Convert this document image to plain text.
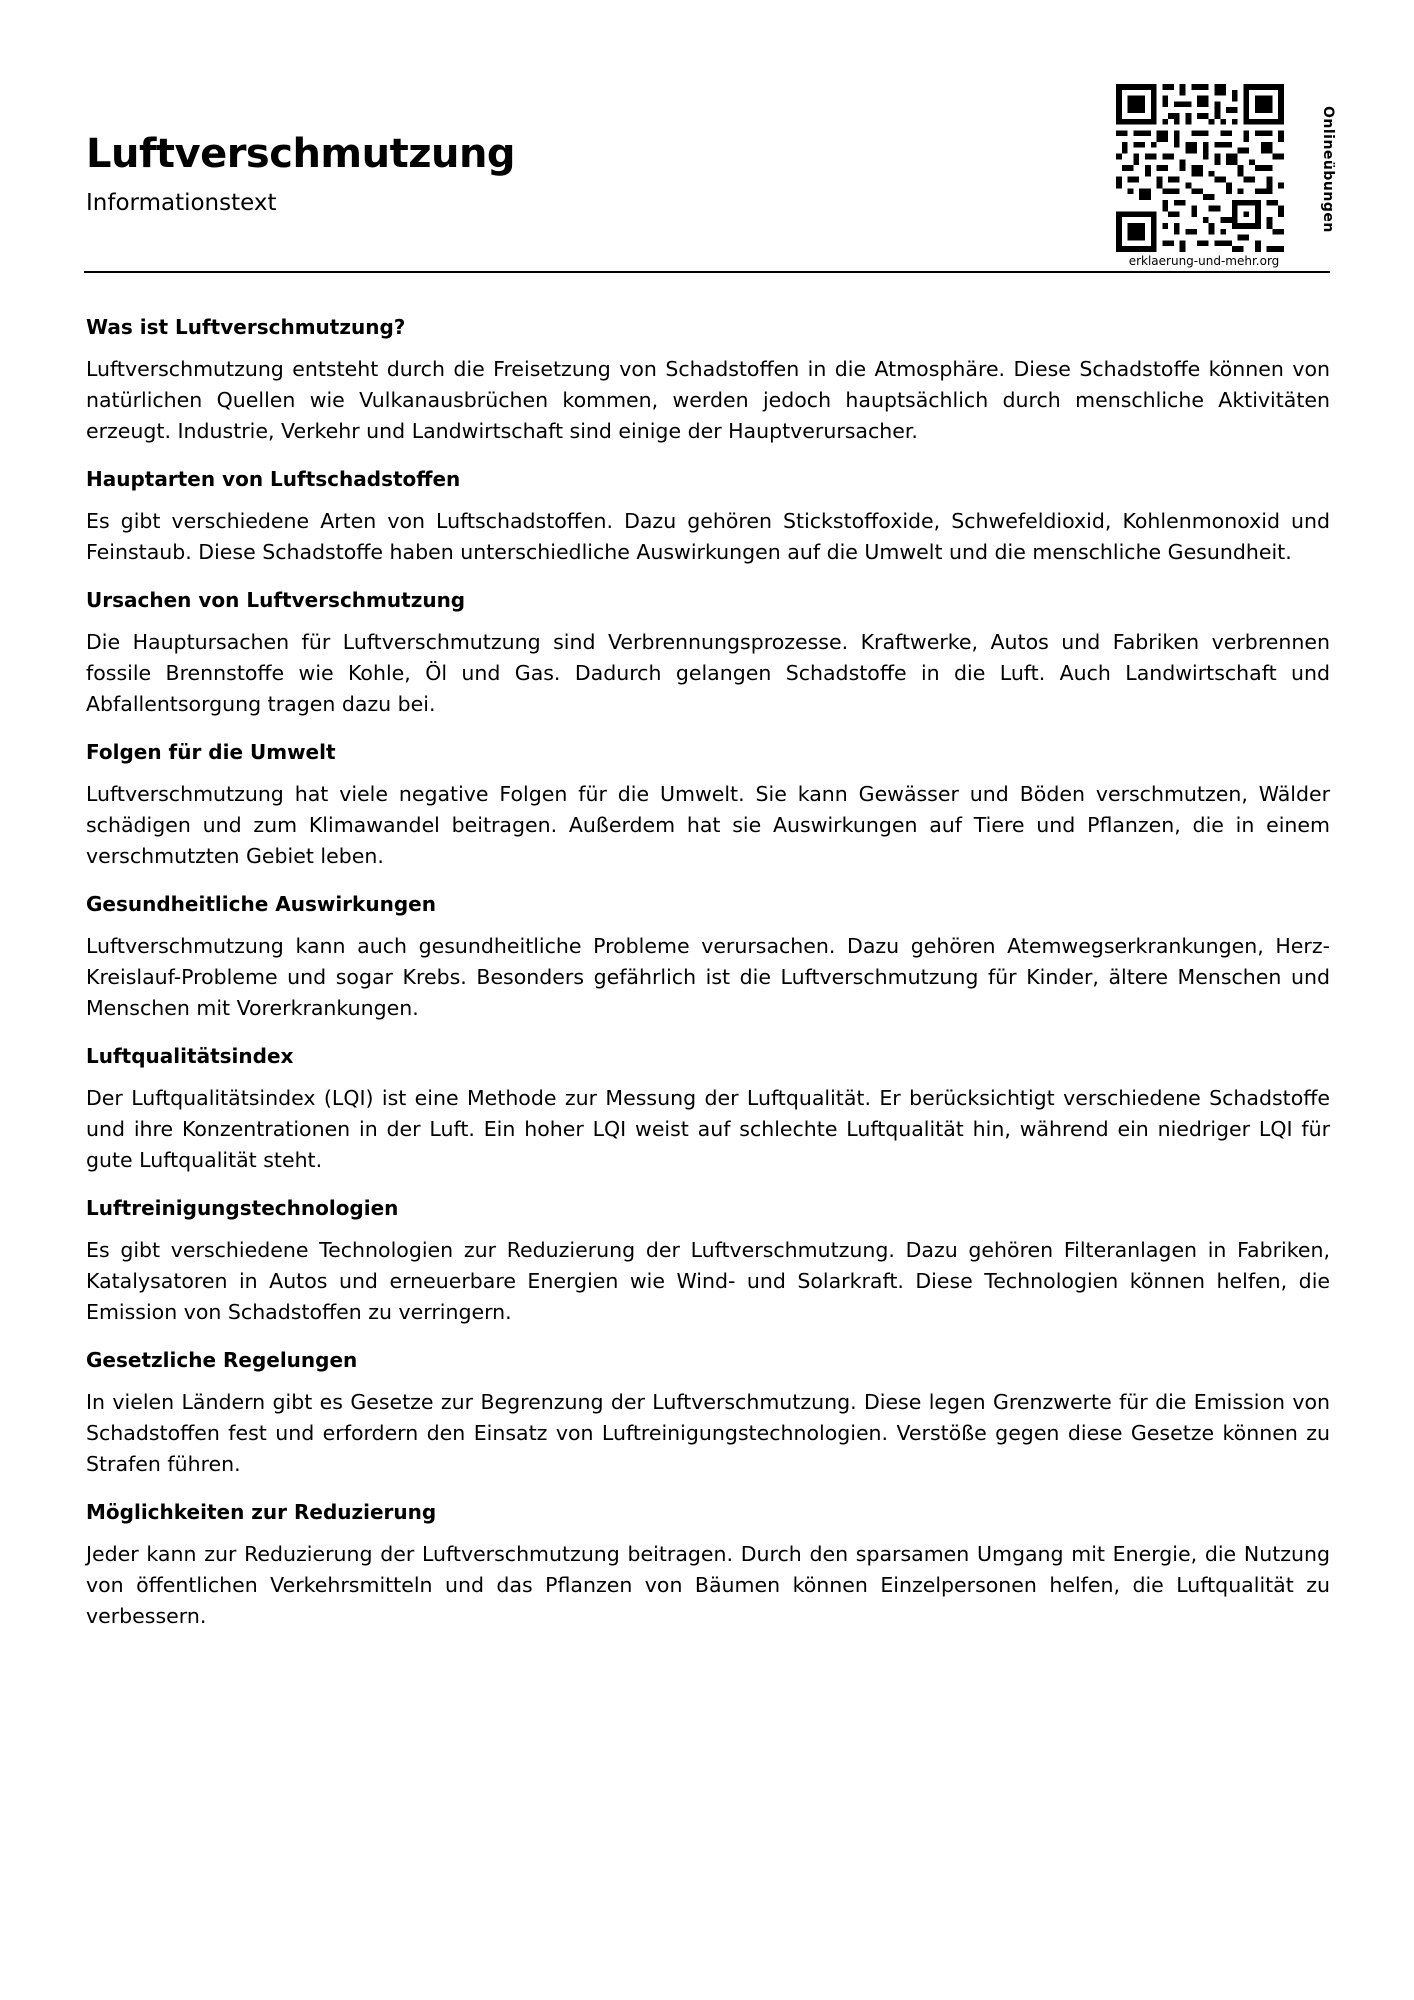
Luftverschmutzung
Informationstext
erklaerung-und-mehr.org
Onlineübungen
Was ist Luftverschmutzung?

Luftverschmutzung entsteht durch die Freisetzung von Schadstoffen in die Atmosphäre. Diese Schadstoffe können von natürlichen Quellen wie Vulkanausbrüchen kommen, werden jedoch hauptsächlich durch menschliche Aktivitäten erzeugt. Industrie, Verkehr und Landwirtschaft sind einige der Hauptverursacher.

Hauptarten von Luftschadstoffen

Es gibt verschiedene Arten von Luftschadstoffen. Dazu gehören Stickstoffoxide, Schwefeldioxid, Kohlenmonoxid und Feinstaub. Diese Schadstoffe haben unterschiedliche Auswirkungen auf die Umwelt und die menschliche Gesundheit.

Ursachen von Luftverschmutzung

Die Hauptursachen für Luftverschmutzung sind Verbrennungsprozesse. Kraftwerke, Autos und Fabriken verbrennen fossile Brennstoffe wie Kohle, Öl und Gas. Dadurch gelangen Schadstoffe in die Luft. Auch Landwirtschaft und Abfallentsorgung tragen dazu bei.

Folgen für die Umwelt

Luftverschmutzung hat viele negative Folgen für die Umwelt. Sie kann Gewässer und Böden verschmutzen, Wälder schädigen und zum Klimawandel beitragen. Außerdem hat sie Auswirkungen auf Tiere und Pflanzen, die in einem verschmutzten Gebiet leben.

Gesundheitliche Auswirkungen

Luftverschmutzung kann auch gesundheitliche Probleme verursachen. Dazu gehören Atemwegserkrankungen, Herz-Kreislauf-Probleme und sogar Krebs. Besonders gefährlich ist die Luftverschmutzung für Kinder, ältere Menschen und Menschen mit Vorerkrankungen.

Luftqualitätsindex

Der Luftqualitätsindex (LQI) ist eine Methode zur Messung der Luftqualität. Er berücksichtigt verschiedene Schadstoffe und ihre Konzentrationen in der Luft. Ein hoher LQI weist auf schlechte Luftqualität hin, während ein niedriger LQI für gute Luftqualität steht.

Luftreinigungstechnologien

Es gibt verschiedene Technologien zur Reduzierung der Luftverschmutzung. Dazu gehören Filteranlagen in Fabriken, Katalysatoren in Autos und erneuerbare Energien wie Wind- und Solarkraft. Diese Technologien können helfen, die Emission von Schadstoffen zu verringern.

Gesetzliche Regelungen

In vielen Ländern gibt es Gesetze zur Begrenzung der Luftverschmutzung. Diese legen Grenzwerte für die Emission von Schadstoffen fest und erfordern den Einsatz von Luftreinigungstechnologien. Verstöße gegen diese Gesetze können zu Strafen führen.

Möglichkeiten zur Reduzierung

Jeder kann zur Reduzierung der Luftverschmutzung beitragen. Durch den sparsamen Umgang mit Energie, die Nutzung von öffentlichen Verkehrsmitteln und das Pflanzen von Bäumen können Einzelpersonen helfen, die Luftqualität zu verbessern.
